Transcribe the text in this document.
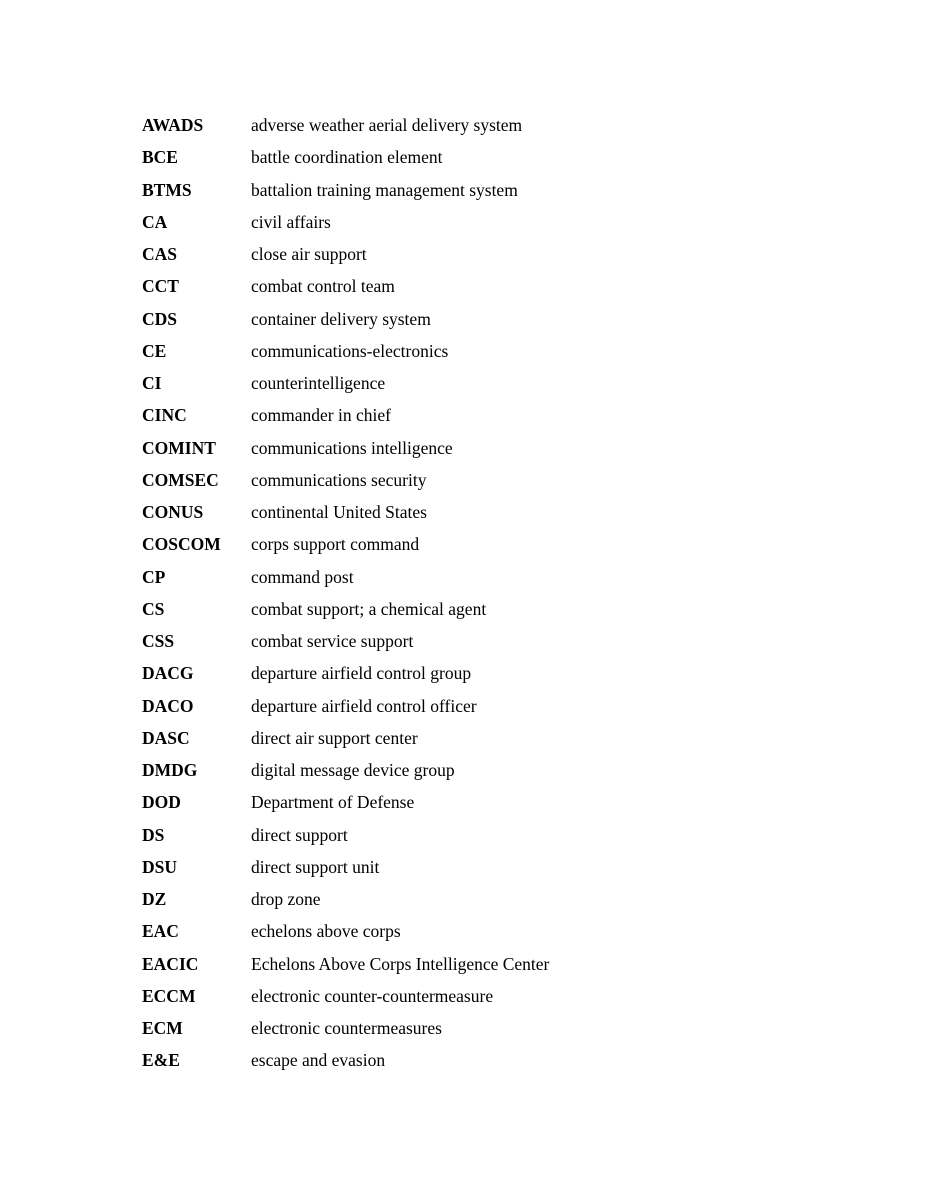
AWADS	adverse weather aerial delivery system
BCE	battle coordination element
BTMS	battalion training management system
CA	civil affairs
CAS	close air support
CCT	combat control team
CDS	container delivery system
CE	communications-electronics
CI	counterintelligence
CINC	commander in chief
COMINT	communications intelligence
COMSEC	communications security
CONUS	continental United States
COSCOM	corps support command
CP	command post
CS	combat support; a chemical agent
CSS	combat service support
DACG	departure airfield control group
DACO	departure airfield control officer
DASC	direct air support center
DMDG	digital message device group
DOD	Department of Defense
DS	direct support
DSU	direct support unit
DZ	drop zone
EAC	echelons above corps
EACIC	Echelons Above Corps Intelligence Center
ECCM	electronic counter-countermeasure
ECM	electronic countermeasures
E&E	escape and evasion
